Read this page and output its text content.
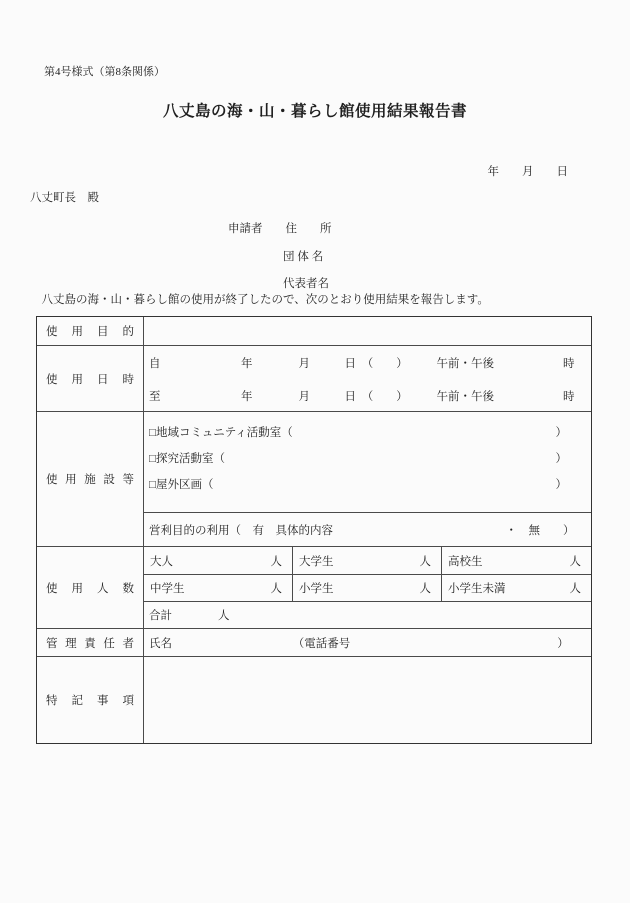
第4号様式（第8条関係）
八丈島の海・山・暮らし館使用結果報告書
年　　月　　日
八丈町長　殿
申請者　　住　　所
団 体 名
代表者名
　八丈島の海・山・暮らし館の使用が終了したので、次のとおり使用結果を報告します。
使用目的
使用日時
自　　　　　　　年　　　　月　　　日　（　　）　　　午前・午後　　　　　　時
至　　　　　　　年　　　　月　　　日　（　　）　　　午前・午後　　　　　　時
使用施設等
□地域コミュニティ活動室（	）
□探究活動室（	）
□屋外区画（	）
営利目的の利用（　有　具体的内容　　　　　　　　　　　　　　　・　無　　）
使用人数
大人	人 大学生	人 高校生	人
中学生	人 小学生	人 小学生未満	人
合計　　　　人
管理責任者	氏名　　　　　　　　　　　（電話番号　　　　　　　　　　　　　　　　　　）
特記事項
